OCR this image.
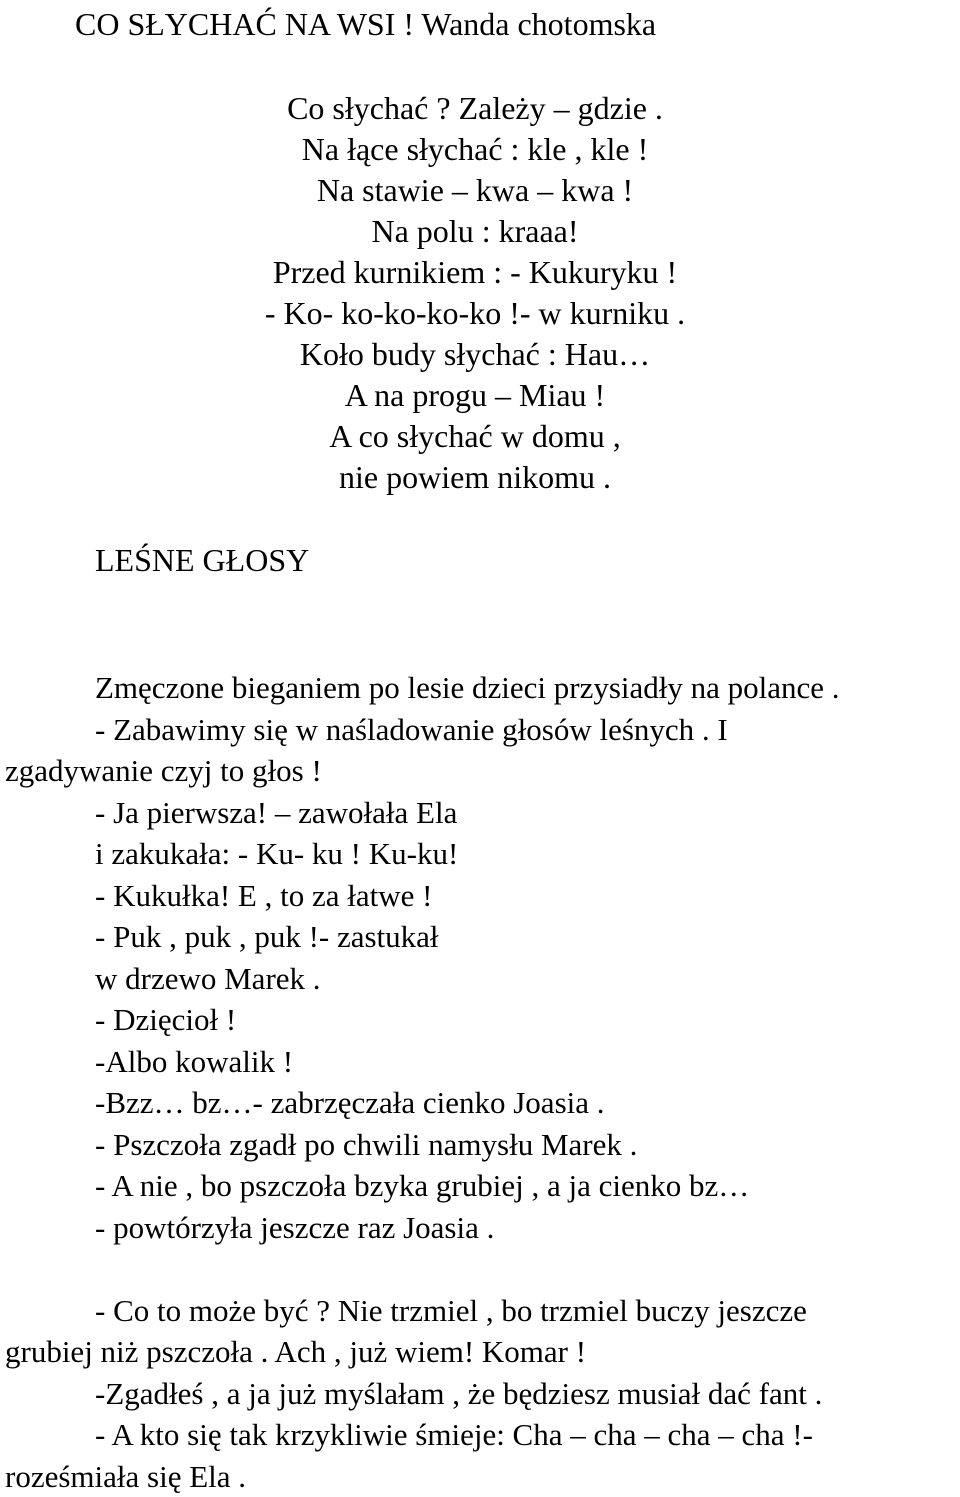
CO SŁYCHAĆ NA WSI ! Wanda chotomska
Co słychać ? Zależy – gdzie .
Na łące słychać : kle , kle !
Na stawie – kwa – kwa !
Na polu : kraaa!
Przed kurnikiem : - Kukuryku !
- Ko- ko-ko-ko-ko !- w kurniku .
Koło budy słychać : Hau…
A na progu – Miau !
A co słychać w domu ,
nie powiem nikomu .
LEŚNE GŁOSY
Zmęczone bieganiem po lesie dzieci przysiadły na polance .
- Zabawimy się w naśladowanie głosów leśnych . I
zgadywanie czyj to głos !
- Ja pierwsza! – zawołała Ela
i zakukała: - Ku- ku ! Ku-ku!
- Kukułka! E , to za łatwe !
- Puk , puk , puk !- zastukał
w drzewo Marek .
- Dzięcioł !
-Albo kowalik !
-Bzz… bz…- zabrzęczała cienko Joasia .
- Pszczoła zgadł po chwili namysłu Marek .
- A nie , bo pszczoła bzyka grubiej , a ja cienko bz…
- powtórzyła jeszcze raz Joasia .
- Co to może być ? Nie trzmiel , bo trzmiel buczy jeszcze
grubiej niż pszczoła . Ach , już wiem! Komar !
-Zgadłeś , a ja już myślałam , że będziesz musiał dać fant .
- A kto się tak krzykliwie śmieje: Cha – cha – cha – cha !-
roześmiała się Ela .
